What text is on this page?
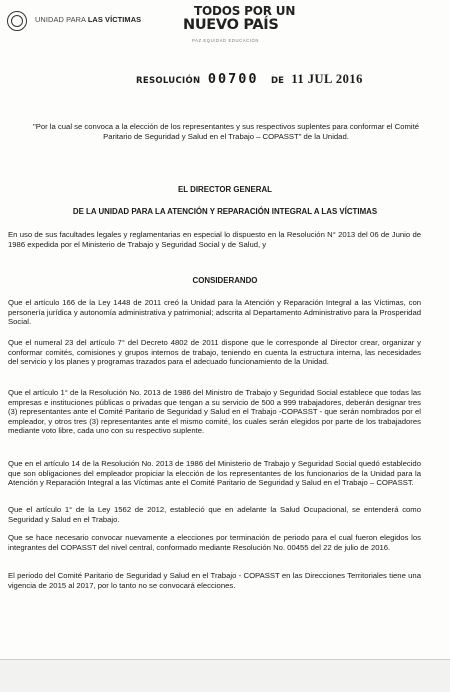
UNIDAD PARA LAS VÍCTIMAS
TODOS POR UN
NUEVO PAÍS
PAZ EQUIDAD EDUCACIÓN
RESOLUCIÓN 00700 DE 11 JUL 2016
"Por la cual se convoca a la elección de los representantes y sus respectivos suplentes para conformar el Comité Paritario de Seguridad y Salud en el Trabajo – COPASST" de la Unidad.
EL DIRECTOR GENERAL
DE LA UNIDAD PARA LA ATENCIÓN Y REPARACIÓN INTEGRAL A LAS VÍCTIMAS
En uso de sus facultades legales y reglamentarias en especial lo dispuesto en la Resolución N° 2013 del 06 de Junio de 1986 expedida por el Ministerio de Trabajo y Seguridad Social y de Salud, y
CONSIDERANDO
Que el artículo 166 de la Ley 1448 de 2011 creó la Unidad para la Atención y Reparación Integral a las Víctimas, con personería jurídica y autonomía administrativa y patrimonial; adscrita al Departamento Administrativo para la Prosperidad Social.
Que el numeral 23 del artículo 7° del Decreto 4802 de 2011 dispone que le corresponde al Director crear, organizar y conformar comités, comisiones y grupos internos de trabajo, teniendo en cuenta la estructura interna, las necesidades del servicio y los planes y programas trazados para el adecuado funcionamiento de la Unidad.
Que el artículo 1° de la Resolución No. 2013 de 1986 del Ministro de Trabajo y Seguridad Social establece que todas las empresas e instituciones públicas o privadas que tengan a su servicio de 500 a 999 trabajadores, deberán designar tres (3) representantes ante el Comité Paritario de Seguridad y Salud en el Trabajo -COPASST - que serán nombrados por el empleador, y otros tres (3) representantes ante el mismo comité, los cuales serán elegidos por parte de los trabajadores mediante voto libre, cada uno con su respectivo suplente.
Que en el artículo 14 de la Resolución No. 2013 de 1986 del Ministerio de Trabajo y Seguridad Social quedó establecido que son obligaciones del empleador propiciar la elección de los representantes de los funcionarios de la Unidad para la Atención y Reparación Integral a las Víctimas ante el Comité Paritario de Seguridad y Salud en el Trabajo – COPASST.
Que el artículo 1° de la Ley 1562 de 2012, estableció que en adelante la Salud Ocupacional, se entenderá como Seguridad y Salud en el Trabajo.
Que se hace necesario convocar nuevamente a elecciones por terminación de periodo para el cual fueron elegidos los integrantes del COPASST del nivel central, conformado mediante Resolución No. 00455 del 22 de julio de 2016.
El periodo del Comité Paritario de Seguridad y Salud en el Trabajo - COPASST en las Direcciones Territoriales tiene una vigencia de 2015 al 2017, por lo tanto no se convocará elecciones.
